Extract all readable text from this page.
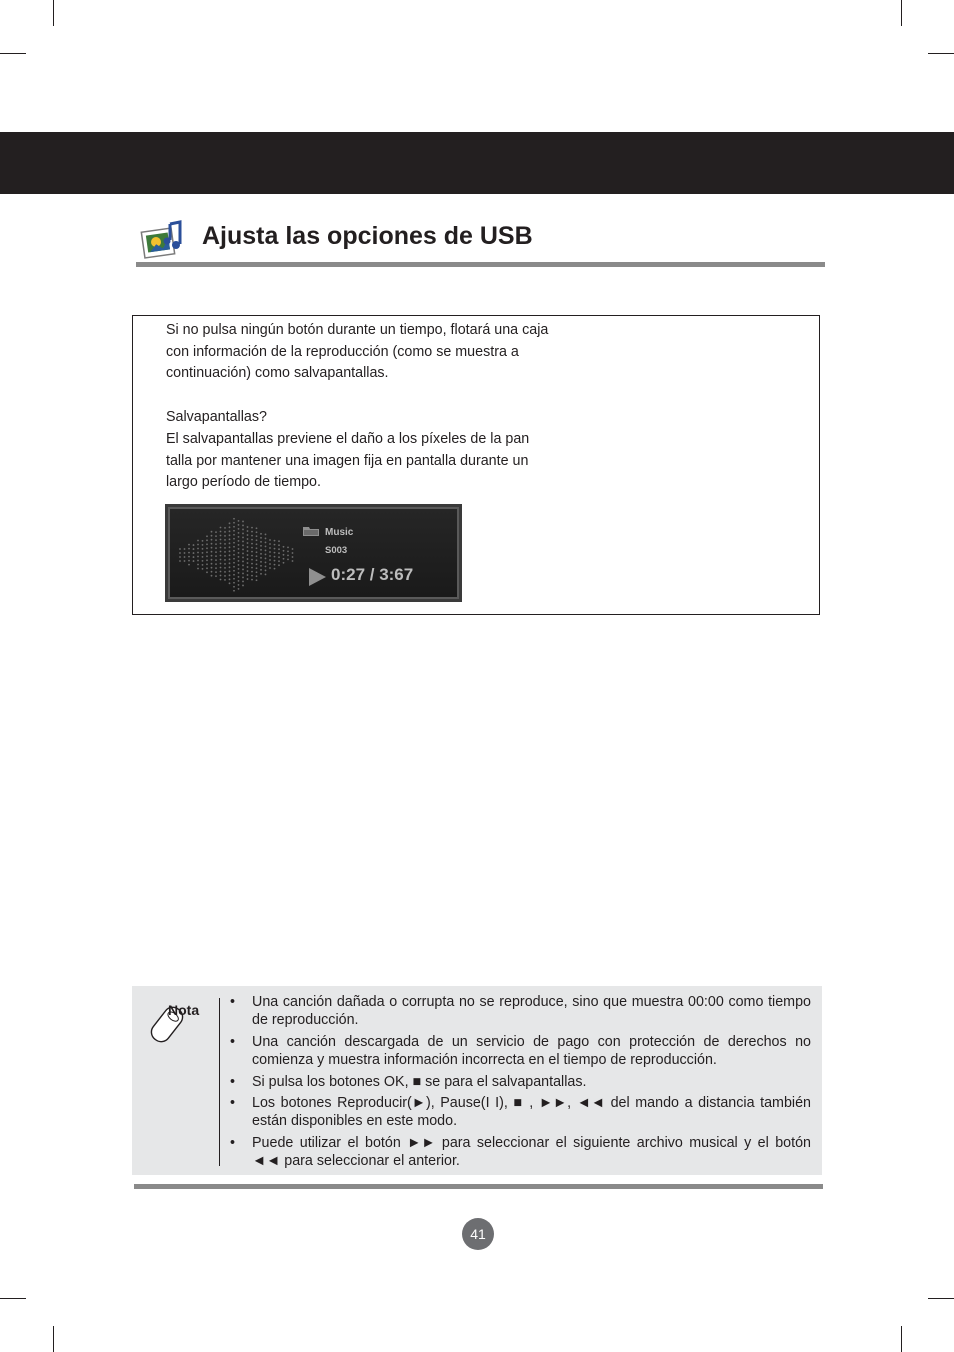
Ajusta las opciones de USB

Si no pulsa ningún botón durante un tiempo, flotará una caja con información de la reproducción (como se muestra a continuación) como salvapantallas.

Salvapantallas?

El salvapantallas previene el daño a los píxeles de la pan talla por mantener una imagen fija en pantalla durante un largo período de tiempo.

Music
S003
0:27 / 3:67
Nota • Una canción dañada o corrupta no se reproduce, sino que muestra 00:00 como tiempo de reproducción.
• Una canción descargada de un servicio de pago con protección de derechos no comienza y muestra información incorrecta en el tiempo de reproducción.
• Si pulsa los botones OK, ■ se para el salvapantallas.
• Los botones Reproducir(►), Pause(I I), ■ , ►►, ◄◄ del mando a distancia también están disponibles en este modo.
• Puede utilizar el botón ►► para seleccionar el siguiente archivo musical y el botón ◄◄ para seleccionar el anterior.
41
